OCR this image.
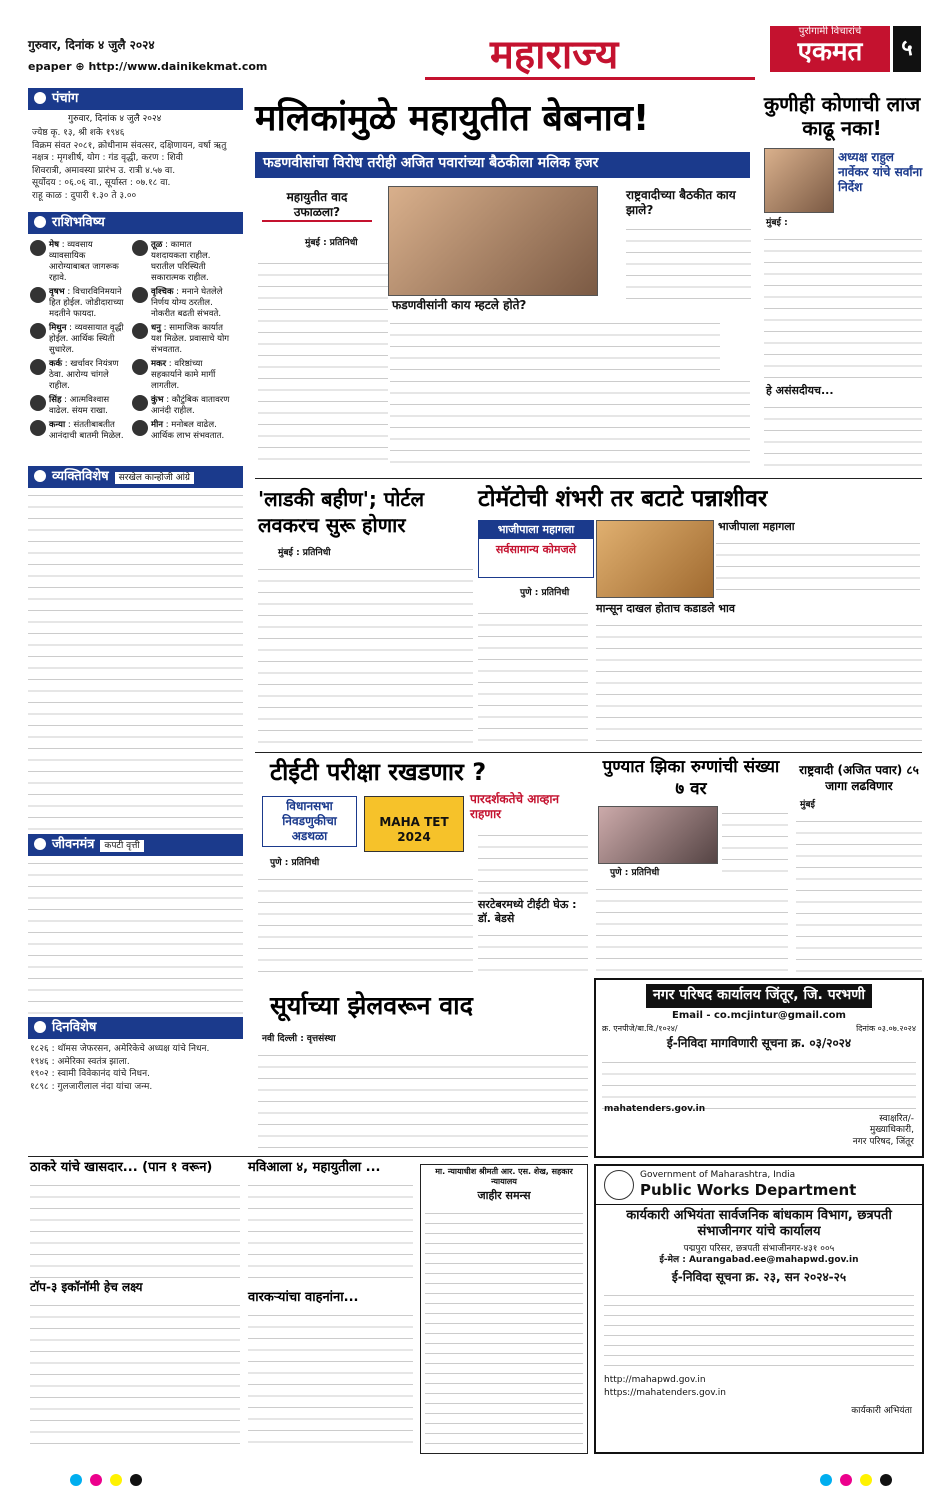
गुरुवार, दिनांक ४ जुलै २०२४
epaper ⊕ http://www.dainikekmat.com	महाराज्य	पुरोगामी विचारांचे
एकमत	५
पंचांग
गुरुवार, दिनांक ४ जुलै २०२४
ज्येष्ठ कृ. १३, श्री शके १९४६
विक्रम संवत २०८१, क्रोधीनाम संवत्सर, दक्षिणायन, वर्षा ऋतु
नक्षत्र : मृगशीर्ष, योग : गंड वृद्धी, करण : शिवी
शिवरात्री, अमावस्या प्रारंभ उ. रात्री ४.५७ वा.
सूर्योदय : ०६.०६ वा., सूर्यास्त : ०७.१८ वा.
राहू काळ : दुपारी १.३० ते ३.००
राशिभविष्य
मेष : व्यवसाय व्यावसायिक आरोग्याबाबत जागरूक रहावे.
तूळ : कामात यशदायकता राहील. घरातील परिस्थिती सकारात्मक राहील.
वृषभ : विचारविनिमयाने हित होईल. जोडीदाराच्या मदतीने फायदा.
वृश्चिक : मनाने घेतलेले निर्णय योग्य ठरतील. नोकरीत बढती संभवते.
मिथुन : व्यवसायात वृद्धी होईल. आर्थिक स्थिती सुधारेल.
धनु : सामाजिक कार्यात यश मिळेल. प्रवासाचे योग संभवतात.
कर्क : खर्चावर नियंत्रण ठेवा. आरोग्य चांगले राहील.
मकर : वरिष्ठांच्या सहकार्याने कामे मार्गी लागतील.
सिंह : आत्मविश्वास वाढेल. संयम राखा.
कुंभ : कौटुंबिक वातावरण आनंदी राहील.
कन्या : संततीबाबतीत आनंदाची बातमी मिळेल.
मीन : मनोबल वाढेल. आर्थिक लाभ संभवतात.
व्यक्तिविशेष सरखेल कान्होजी आंग्रे
जीवनमंत्र कपटी वृत्ती
दिनविशेष
१८२६ : थॉमस जेफरसन, अमेरिकेचे अध्यक्ष यांचे निधन.
१९४६ : अमेरिका स्वतंत्र झाला.
१९०२ : स्वामी विवेकानंद यांचे निधन.
१८९८ : गुलजारीलाल नंदा यांचा जन्म.
मलिकांमुळे महायुतीत बेबनाव!
फडणवीसांचा विरोध तरीही अजित पवारांच्या बैठकीला मलिक हजर
महायुतीत वाद उफाळला?
मुंबई : प्रतिनिधी
फडणवीसांनी काय म्हटले होते?
राष्ट्रवादीच्या बैठकीत काय झाले?
कुणीही कोणाची लाज काढू नका!
अध्यक्ष राहुल नार्वेकर यांचे सर्वांना निर्देश
मुंबई :
हे असंसदीयच...
'लाडकी बहीण'; पोर्टल लवकरच सुरू होणार
मुंबई : प्रतिनिधी
टोमॅटोची शंभरी तर बटाटे पन्नाशीवर
भाजीपाला महागला
सर्वसामान्य कोमजले
पुणे : प्रतिनिधी
भाजीपाला महागला
मान्सून दाखल होताच कडाडले भाव
टीईटी परीक्षा रखडणार ?
विधानसभा निवडणुकीचा अडथळा
MAHA TET 2024
पारदर्शकतेचे आव्हान राहणार
पुणे : प्रतिनिधी
सरटेबरमध्ये टीईटी घेऊ : डॉ. बेडसे
पुण्यात झिका रुग्णांची संख्या ७ वर
पुणे : प्रतिनिधी
राष्ट्रवादी (अजित पवार) ८५ जागा लढविणार
मुंबई
सूर्याच्या झेलवरून वाद
नवी दिल्ली : वृत्तसंस्था
नगर परिषद कार्यालय जिंतूर, जि. परभणी
Email - co.mcjintur@gmail.com
क्र. एनपीजे/बा.वि./१०२४/	दिनांक ०३.०७.२०२४
ई-निविदा मागविणारी सूचना क्र. ०३/२०२४
mahatenders.gov.in
स्वाक्षरित/-
मुख्याधिकारी,
नगर परिषद, जिंतूर
ठाकरे यांचे खासदार... (पान १ वरून)
टॉप-३ इकॉनॉमी हेच लक्ष्य
मविआला ४, महायुतीला ...
वारकऱ्यांचा वाहनांना...
मा. न्यायाधीश श्रीमती आर. एस. शेख, सहकार न्यायालय
जाहीर समन्स
Government of Maharashtra, India
Public Works Department
कार्यकारी अभियंता सार्वजनिक बांधकाम विभाग, छत्रपती संभाजीनगर यांचे कार्यालय
पद्मपुरा परिसर, छत्रपती संभाजीनगर-४३१ ००५
ई-मेल : Aurangabad.ee@mahapwd.gov.in
ई-निविदा सूचना क्र. २३, सन २०२४-२५
http://mahapwd.gov.in
https://mahatenders.gov.in
कार्यकारी अभियंता
